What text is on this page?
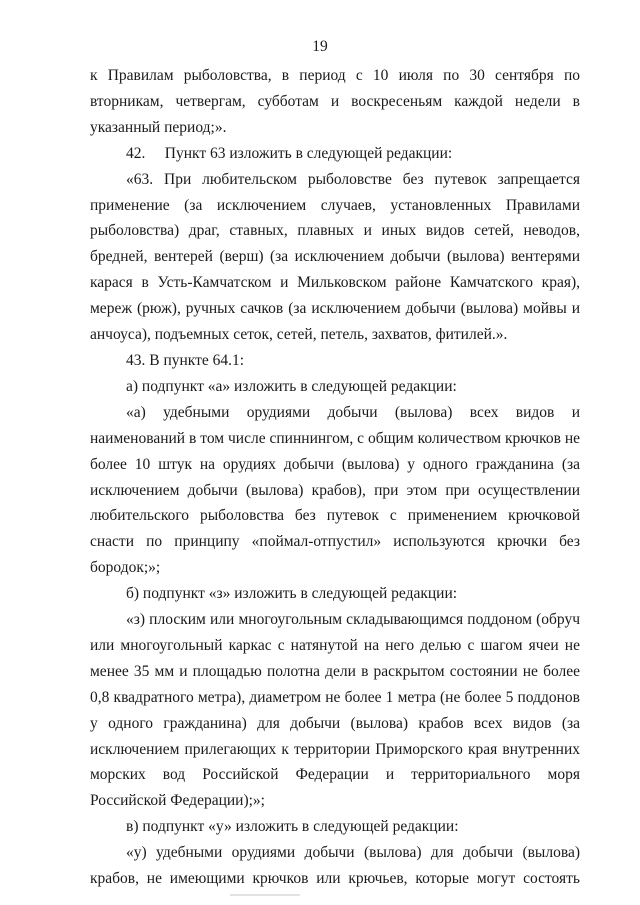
19

к Правилам рыболовства, в период с 10 июля по 30 сентября по вторникам, четвергам, субботам и воскресеньям каждой недели в указанный период;».

42.     Пункт 63 изложить в следующей редакции:

«63. При любительском рыболовстве без путевок запрещается применение (за исключением случаев, установленных Правилами рыболовства) драг, ставных, плавных и иных видов сетей, неводов, бредней, вентерей (верш) (за исключением добычи (вылова) вентерями карася в Усть-Камчатском и Мильковском районе Камчатского края), мереж (рюж), ручных сачков (за исключением добычи (вылова) мойвы и анчоуса), подъемных сеток, сетей, петель, захватов, фитилей.».

43. В пункте 64.1:

а) подпункт «а» изложить в следующей редакции:

«а) удебными орудиями добычи (вылова) всех видов и наименований в том числе спиннингом, с общим количеством крючков не более 10 штук на орудиях добычи (вылова) у одного гражданина (за исключением добычи (вылова) крабов), при этом при осуществлении любительского рыболовства без путевок с применением крючковой снасти по принципу «поймал-отпустил» используются крючки без бородок;»;

б) подпункт «з» изложить в следующей редакции:

«з) плоским или многоугольным складывающимся поддоном (обруч или многоугольный каркас с натянутой на него делью с шагом ячеи не менее 35 мм и площадью полотна дели в раскрытом состоянии не более 0,8 квадратного метра), диаметром не более 1 метра (не более 5 поддонов у одного гражданина) для добычи (вылова) крабов всех видов (за исключением прилегающих к территории Приморского края внутренних морских вод Российской Федерации и территориального моря Российской Федерации);»;

в) подпункт «у» изложить в следующей редакции:

«у) удебными орудиями добычи (вылова) для добычи (вылова) крабов, не имеющими крючков или крючьев, которые могут состоять
